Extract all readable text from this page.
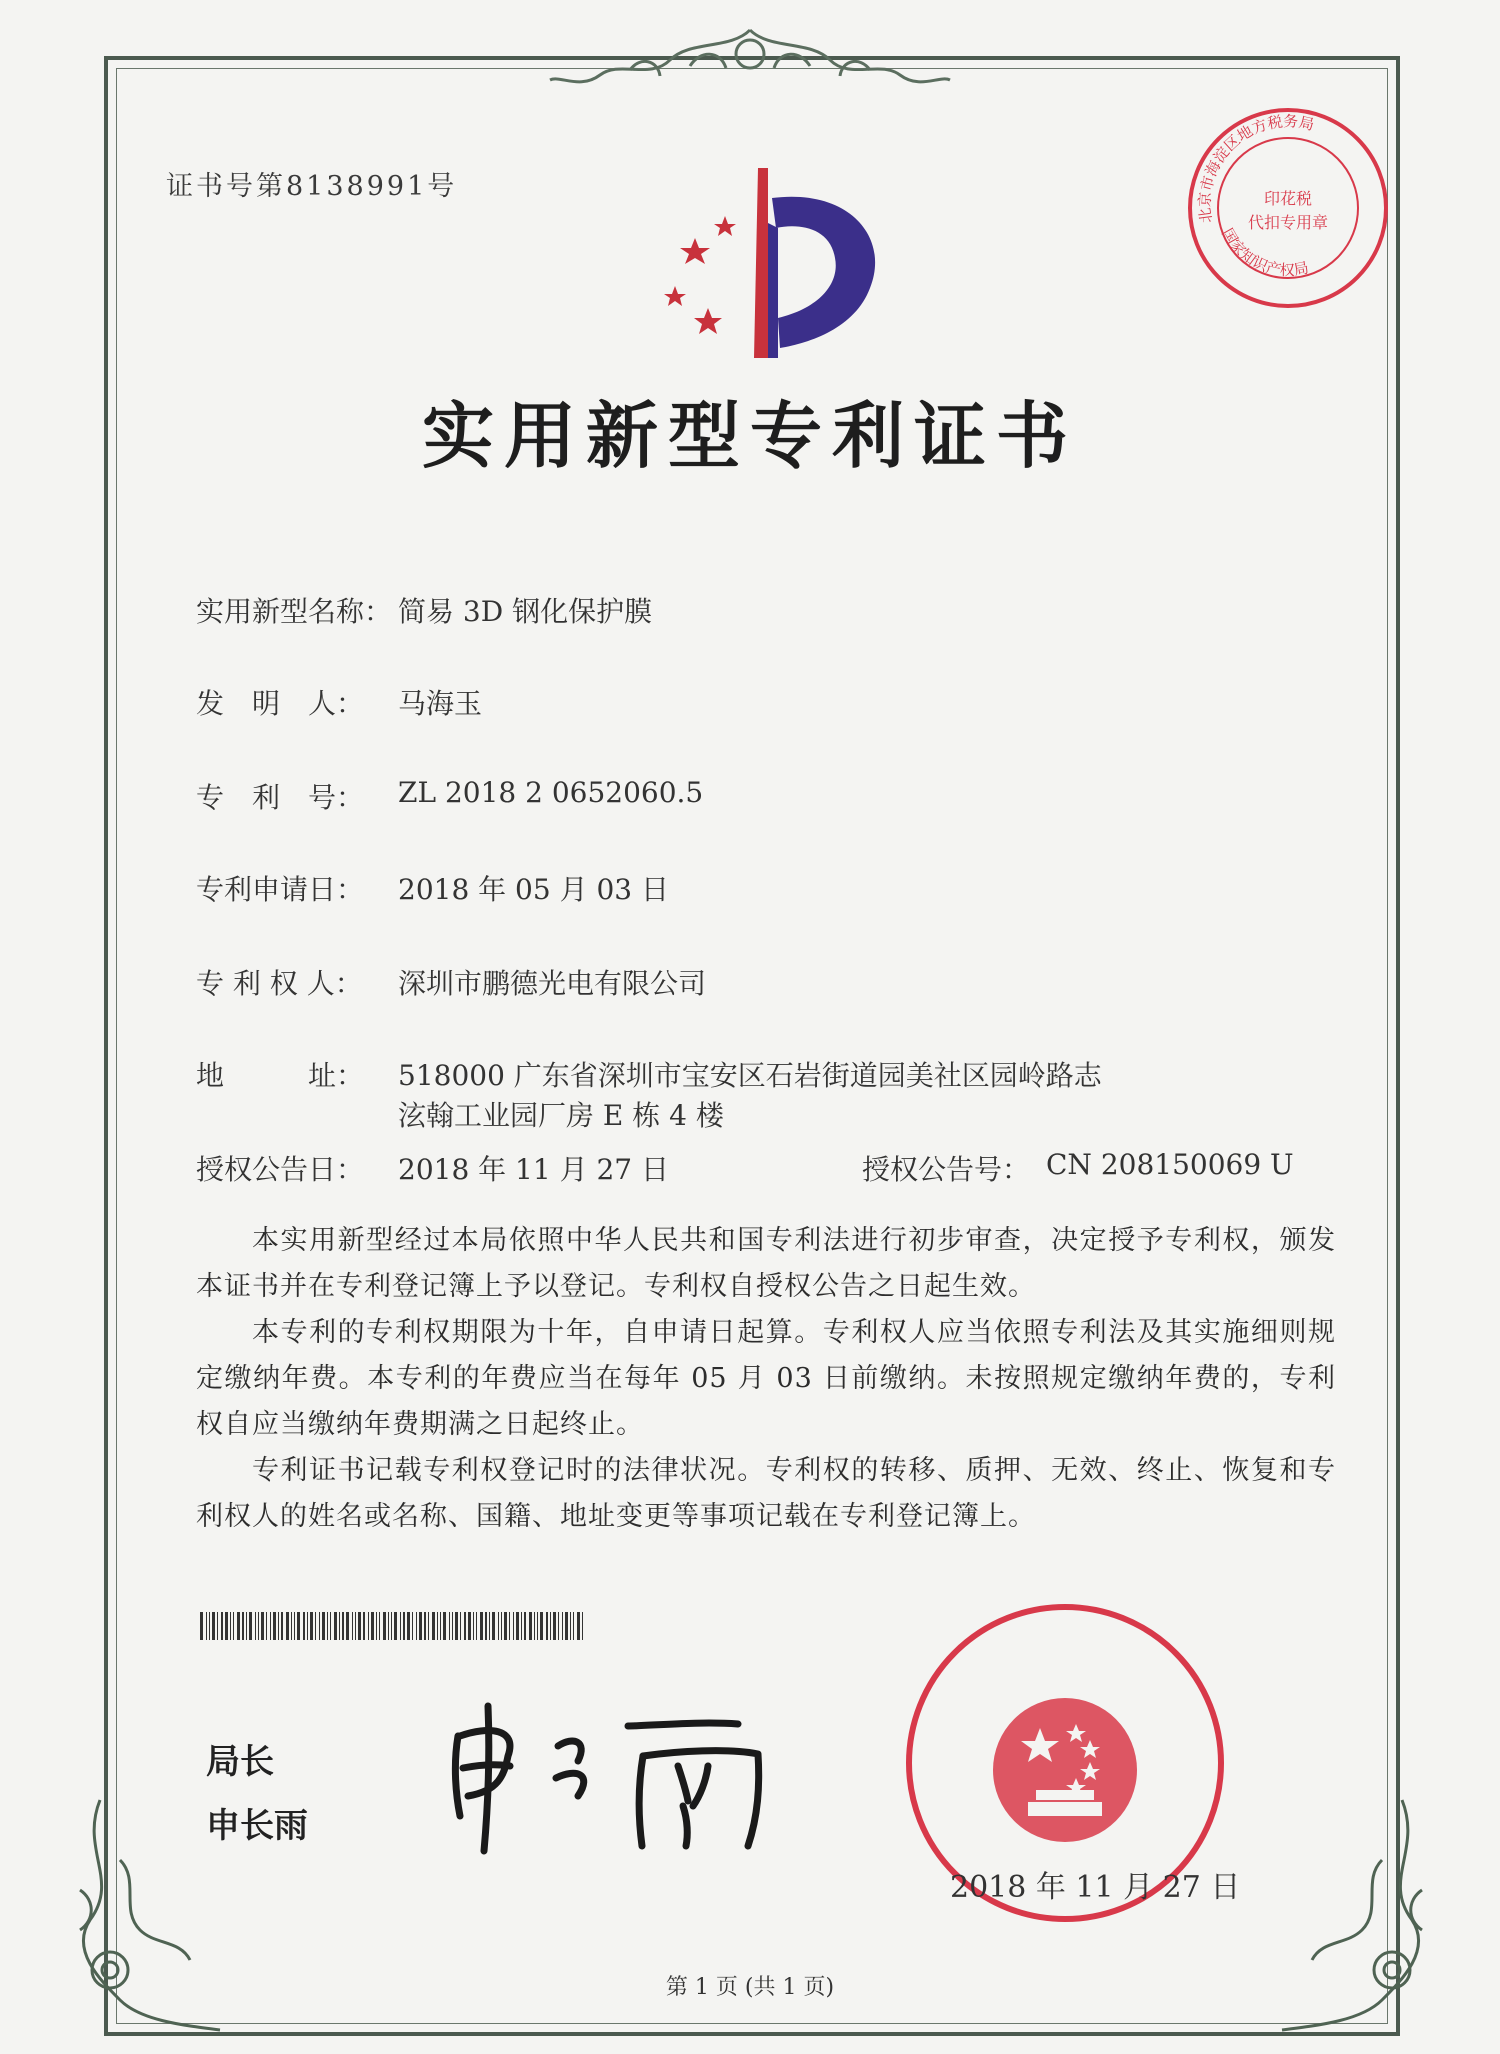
证书号第8138991号
北京市海淀区地方税务局
国家知识产权局
印花税
代扣专用章
实用新型专利证书
实用新型名称： 简易 3D 钢化保护膜
发　明　人： 马海玉
专　利　号： ZL 2018 2 0652060.5
专利申请日： 2018 年 05 月 03 日
专 利 权 人： 深圳市鹏德光电有限公司
地　　　址： 518000 广东省深圳市宝安区石岩街道园美社区园岭路志
泫翰工业园厂房 E 栋 4 楼
授权公告日： 2018 年 11 月 27 日	授权公告号： CN 208150069 U

本实用新型经过本局依照中华人民共和国专利法进行初步审查，决定授予专利权，颁发本证书并在专利登记簿上予以登记。专利权自授权公告之日起生效。

本专利的专利权期限为十年，自申请日起算。专利权人应当依照专利法及其实施细则规定缴纳年费。本专利的年费应当在每年 05 月 03 日前缴纳。未按照规定缴纳年费的，专利权自应当缴纳年费期满之日起终止。

专利证书记载专利权登记时的法律状况。专利权的转移、质押、无效、终止、恢复和专利权人的姓名或名称、国籍、地址变更等事项记载在专利登记簿上。

局长
申长雨
2018 年 11 月 27 日
第 1 页 (共 1 页)
